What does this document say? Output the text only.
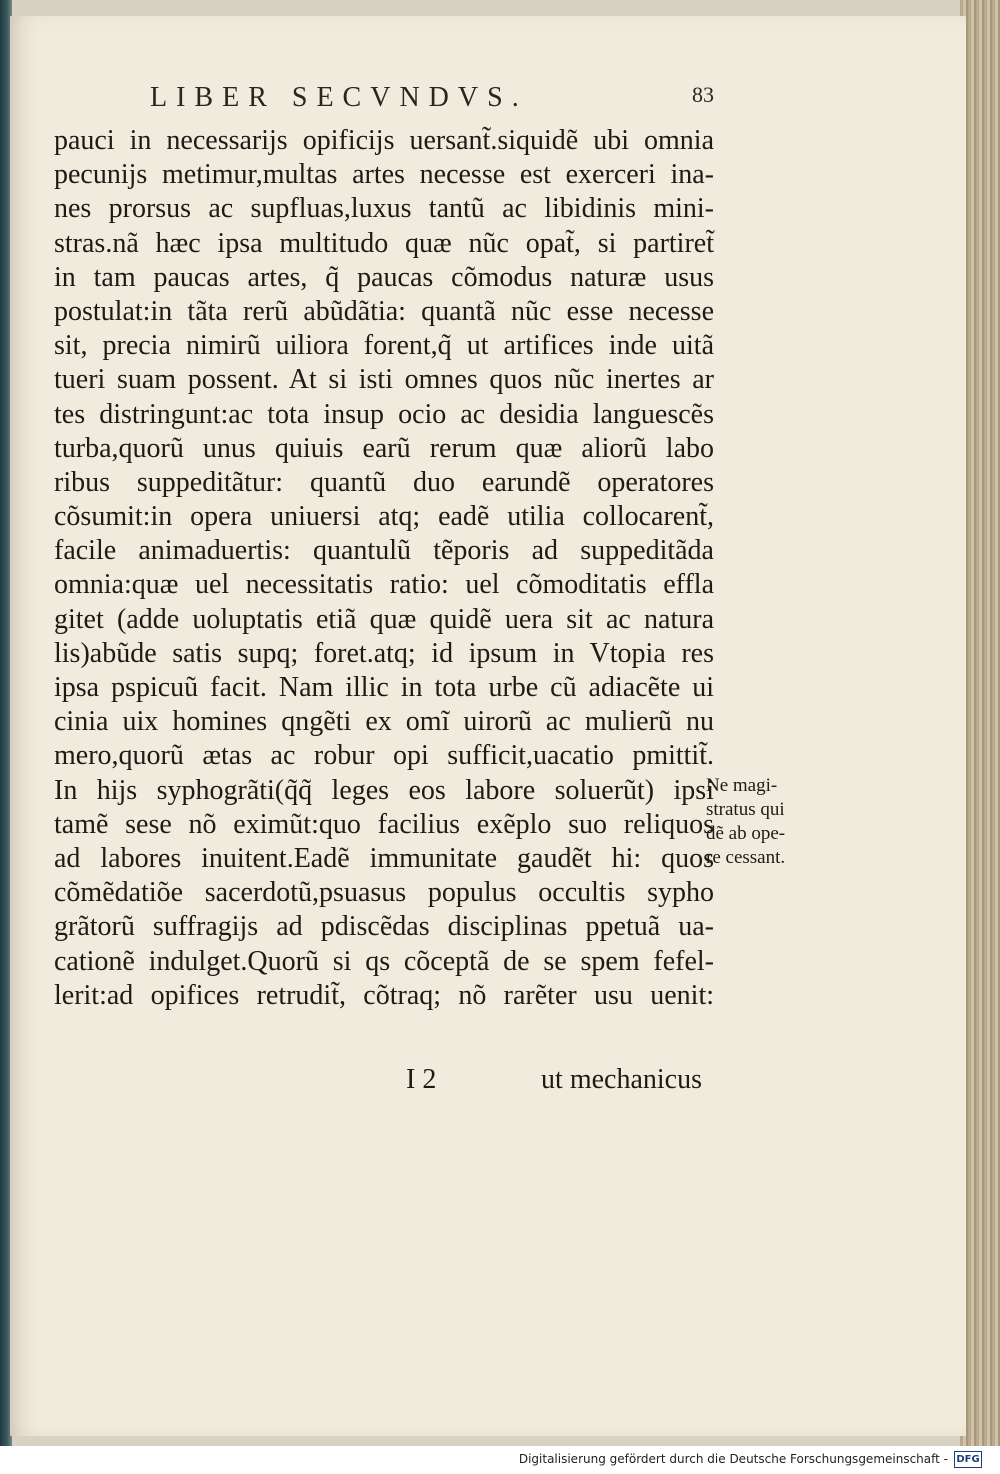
LIBER SECVNDVS.	83
pauci in necessarijs opificijs uersant̃.siquidẽ ubi omnia
pecunijs metimur,multas artes necesse est exerceri ina-
nes prorsus ac supfluas,luxus tantũ ac libidinis mini-
stras.nã hæc ipsa multitudo quæ nũc opat̃, si partiret̃
in tam paucas artes, q̃ paucas cõmodus naturæ usus
postulat:in tãta rerũ abũdãtia: quantã nũc esse necesse
sit, precia nimirũ uiliora forent,q̃ ut artifices inde uitã
tueri suam possent. At si isti omnes quos nũc inertes ar
tes distringunt:ac tota insup ocio ac desidia languescẽs
turba,quorũ unus quiuis earũ rerum quæ aliorũ labo
ribus suppeditãtur: quantũ duo earundẽ operatores
cõsumit:in opera uniuersi atq; eadẽ utilia collocarent̃,
facile animaduertis: quantulũ tẽporis ad suppeditãda
omnia:quæ uel necessitatis ratio: uel cõmoditatis effla
gitet (adde uoluptatis etiã quæ quidẽ uera sit ac natura
lis)abũde satis supq; foret.atq; id ipsum in Vtopia res
ipsa pspicuũ facit. Nam illic in tota urbe cũ adiacẽte ui
cinia uix homines qngẽti ex omĩ uirorũ ac mulierũ nu
mero,quorũ ætas ac robur opi sufficit,uacatio pmittit̃.
In hijs syphogrãti(q̃q̃ leges eos labore soluerũt) ipsi
tamẽ sese nõ eximũt:quo facilius exẽplo suo reliquos
ad labores inuitent.Eadẽ immunitate gaudẽt hi: quos
cõmẽdatiõe sacerdotũ,psuasus populus occultis sypho
grãtorũ suffragijs ad pdiscẽdas disciplinas ppetuã ua-
cationẽ indulget.Quorũ si qs cõceptã de se spem fefel-
lerit:ad opifices retrudit̃, cõtraq; nõ rarẽter usu uenit:
Ne magi-
stratus qui
dẽ ab ope-
re cessant.
I 2	ut mechanicus
Digitalisierung gefördert durch die Deutsche Forschungsgemeinschaft - DFG
